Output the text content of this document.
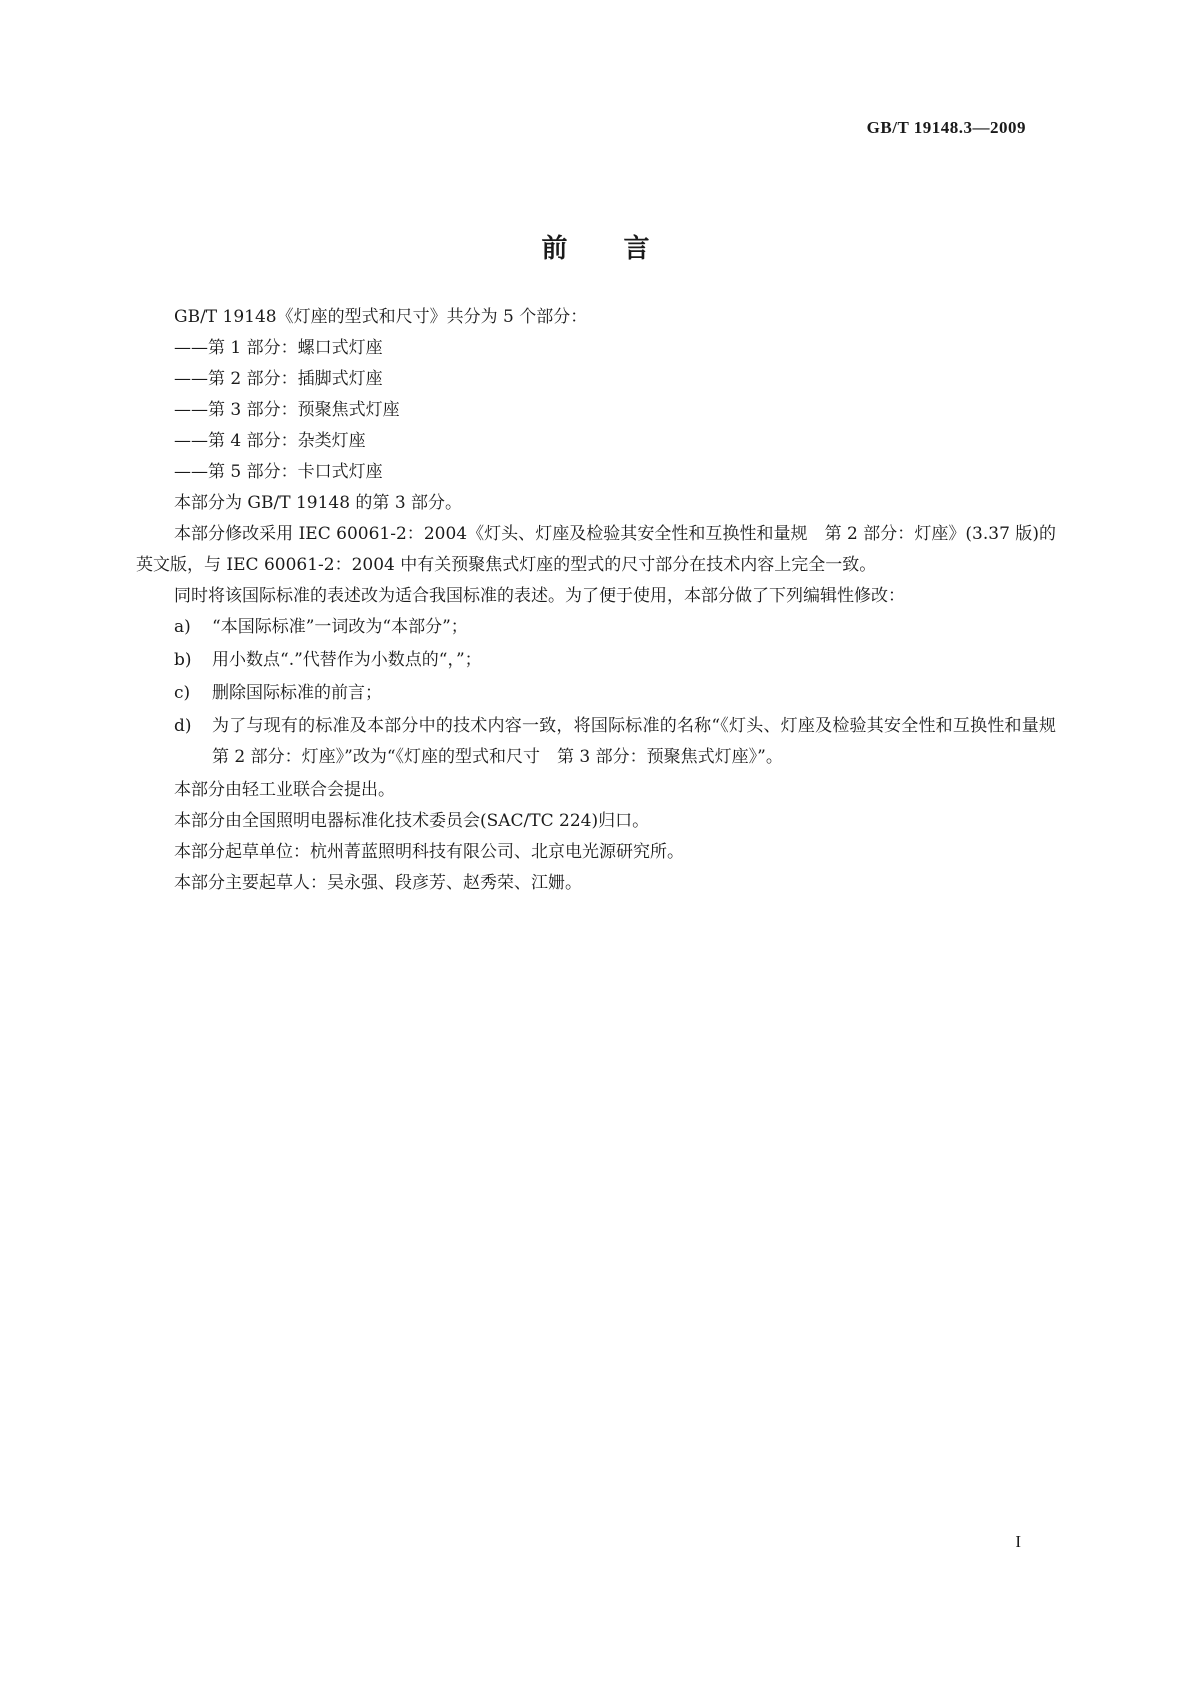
GB/T 19148.3—2009
前言

GB/T 19148《灯座的型式和尺寸》共分为 5 个部分：

——第 1 部分：螺口式灯座

——第 2 部分：插脚式灯座

——第 3 部分：预聚焦式灯座

——第 4 部分：杂类灯座

——第 5 部分：卡口式灯座

本部分为 GB/T 19148 的第 3 部分。

本部分修改采用 IEC 60061-2：2004《灯头、灯座及检验其安全性和互换性和量规　第 2 部分：灯座》(3.37 版)的英文版，与 IEC 60061-2：2004 中有关预聚焦式灯座的型式的尺寸部分在技术内容上完全一致。

同时将该国际标准的表述改为适合我国标准的表述。为了便于使用，本部分做了下列编辑性修改：

a)	“本国际标准”一词改为“本部分”；
b)	用小数点“.”代替作为小数点的“，”；
c)	删除国际标准的前言；
d)	为了与现有的标准及本部分中的技术内容一致，将国际标准的名称“《灯头、灯座及检验其安全性和互换性和量规　第 2 部分：灯座》”改为“《灯座的型式和尺寸　第 3 部分：预聚焦式灯座》”。

本部分由轻工业联合会提出。

本部分由全国照明电器标准化技术委员会(SAC/TC 224)归口。

本部分起草单位：杭州菁蓝照明科技有限公司、北京电光源研究所。

本部分主要起草人：吴永强、段彦芳、赵秀荣、江姗。

I
